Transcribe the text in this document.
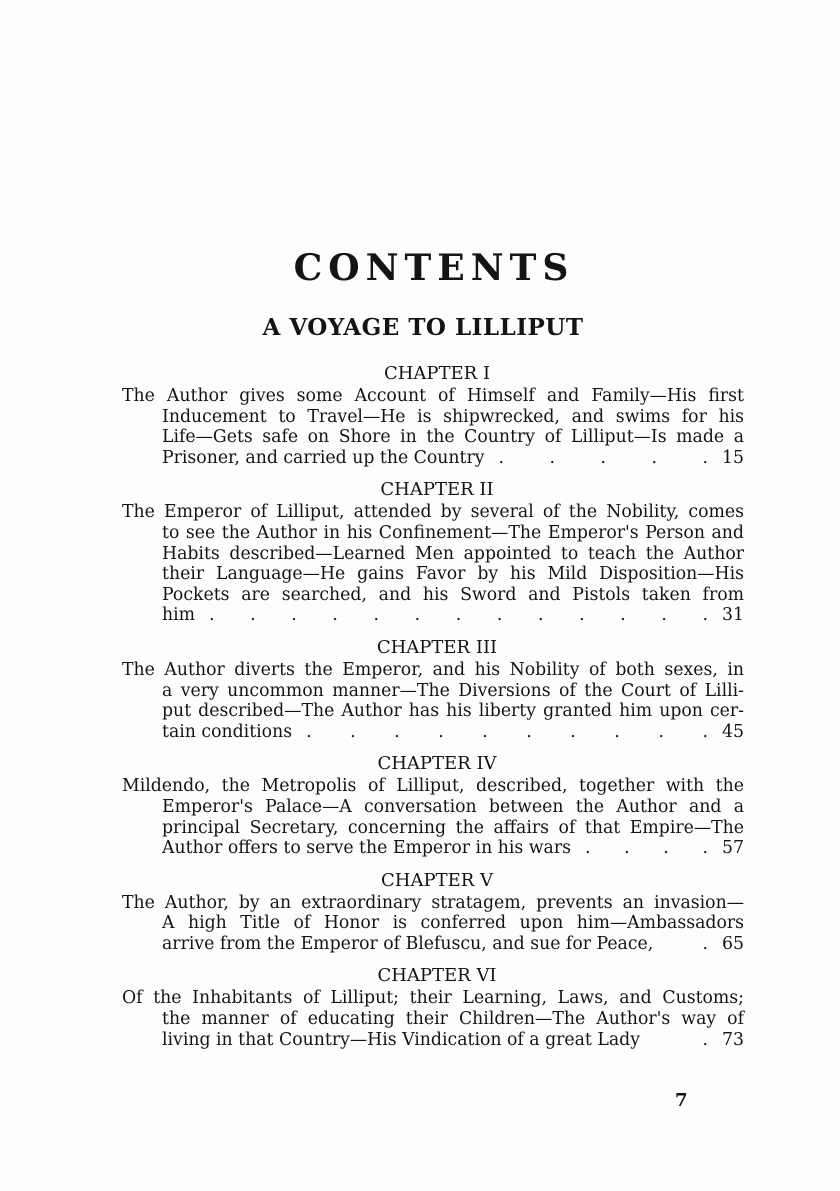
CONTENTS
A VOYAGE TO LILLIPUT
CHAPTER I
The Author gives some Account of Himself and Family—His first
Inducement to Travel—He is shipwrecked, and swims for his
Life—Gets safe on Shore in the Country of Lilliput—Is made a
Prisoner, and carried up the Country . . . . . 15
CHAPTER II
The Emperor of Lilliput, attended by several of the Nobility, comes
to see the Author in his Confinement—The Emperor's Person and
Habits described—Learned Men appointed to teach the Author
their Language—He gains Favor by his Mild Disposition—His
Pockets are searched, and his Sword and Pistols taken from
him . . . . . . . . . . . . . 31
CHAPTER III
The Author diverts the Emperor, and his Nobility of both sexes, in
a very uncommon manner—The Diversions of the Court of Lilli-
put described—The Author has his liberty granted him upon cer-
tain conditions . . . . . . . . . . 45
CHAPTER IV
Mildendo, the Metropolis of Lilliput, described, together with the
Emperor's Palace—A conversation between the Author and a
principal Secretary, concerning the affairs of that Empire—The
Author offers to serve the Emperor in his wars . . . . 57
CHAPTER V
The Author, by an extraordinary stratagem, prevents an invasion—
A high Title of Honor is conferred upon him—Ambassadors
arrive from the Emperor of Blefuscu, and sue for Peace,	. 65
CHAPTER VI
Of the Inhabitants of Lilliput; their Learning, Laws, and Customs;
the manner of educating their Children—The Author's way of
living in that Country—His Vindication of a great Lady	. 73
7
